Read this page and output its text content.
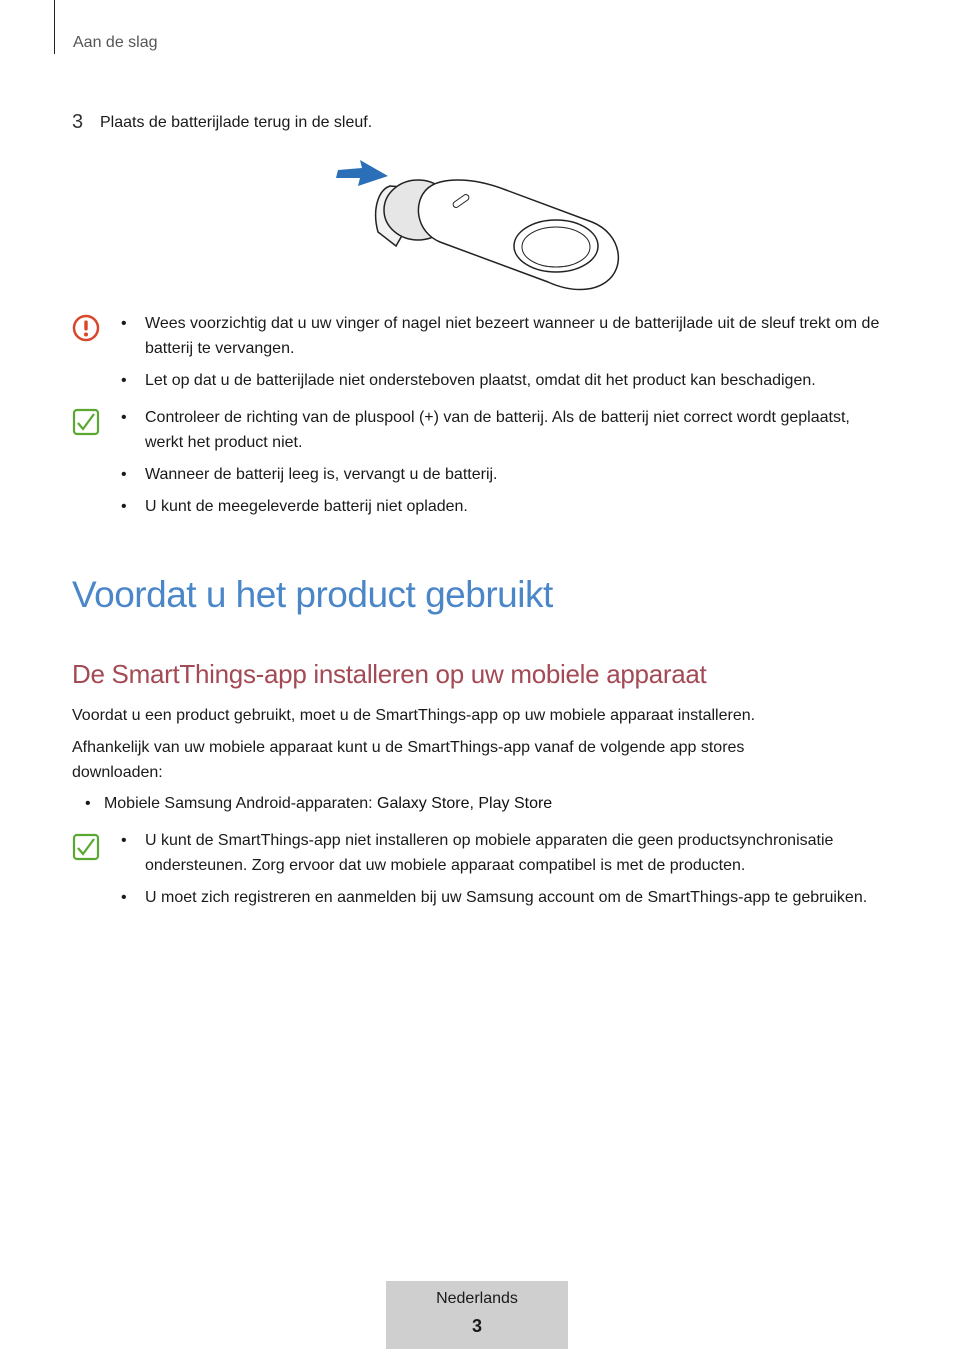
Aan de slag
3 Plaats de batterijlade terug in de sleuf.
• Wees voorzichtig dat u uw vinger of nagel niet bezeert wanneer u de batterijlade uit de sleuf trekt om de batterij te vervangen.
• Let op dat u de batterijlade niet ondersteboven plaatst, omdat dit het product kan beschadigen.
• Controleer de richting van de pluspool (+) van de batterij. Als de batterij niet correct wordt geplaatst, werkt het product niet.
• Wanneer de batterij leeg is, vervangt u de batterij.
• U kunt de meegeleverde batterij niet opladen.
Voordat u het product gebruikt
De SmartThings-app installeren op uw mobiele apparaat
Voordat u een product gebruikt, moet u de SmartThings-app op uw mobiele apparaat installeren.
Afhankelijk van uw mobiele apparaat kunt u de SmartThings-app vanaf de volgende app stores downloaden:
•   Mobiele Samsung Android-apparaten: Galaxy Store, Play Store
• U kunt de SmartThings-app niet installeren op mobiele apparaten die geen productsynchronisatie ondersteunen. Zorg ervoor dat uw mobiele apparaat compatibel is met de producten.
• U moet zich registreren en aanmelden bij uw Samsung account om de SmartThings-app te gebruiken.
Nederlands
3
